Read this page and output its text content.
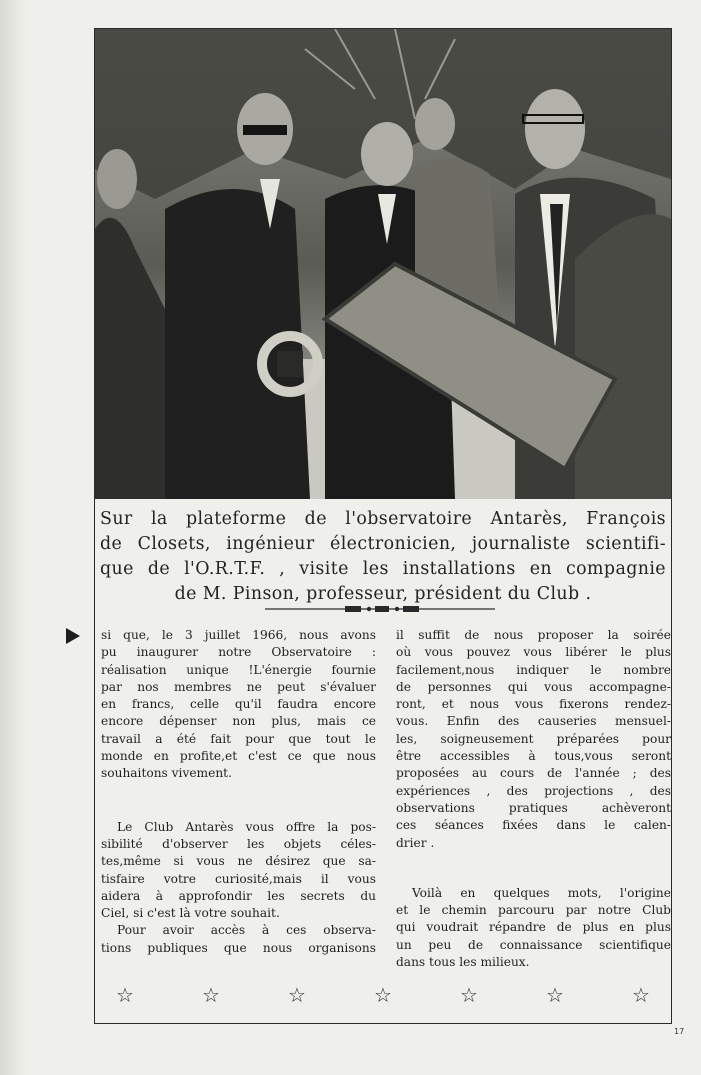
Sur la plateforme de l'observatoire Antarès, François
de Closets, ingénieur électronicien, journaliste scientifi-
que de l'O.R.T.F. , visite les installations en compagnie
de M. Pinson, professeur, président du Club .

si que, le 3 juillet 1966, nous avons
pu inaugurer notre Observatoire :
réalisation unique !L'énergie fournie
par nos membres ne peut s'évaluer
en francs, celle qu'il faudra encore
encore dépenser non plus, mais ce
travail a été fait pour que tout le
monde en profite,et c'est ce que nous
souhaitons vivement.

Le Club Antarès vous offre la pos-
sibilité d'observer les objets céles-
tes,même si vous ne désirez que sa-
tisfaire votre curiosité,mais il vous
aidera à approfondir les secrets du
Ciel, si c'est là votre souhait.

Pour avoir accès à ces observa-
tions publiques que nous organisons

il suffit de nous proposer la soirée
où vous pouvez vous libérer le plus
facilement,nous indiquer le nombre
de personnes qui vous accompagne-
ront, et nous vous fixerons rendez-
vous. Enfin des causeries mensuel-
les, soigneusement préparées pour
être accessibles à tous,vous seront
proposées au cours de l'année ; des
expériences , des projections , des
observations pratiques achèveront
ces séances fixées dans le calen-
drier .

Voilà en quelques mots, l'origine
et le chemin parcouru par notre Club
qui voudrait répandre de plus en plus
un peu de connaissance scientifique
dans tous les milieux.

☆	☆	☆	☆	☆	☆	☆
17
